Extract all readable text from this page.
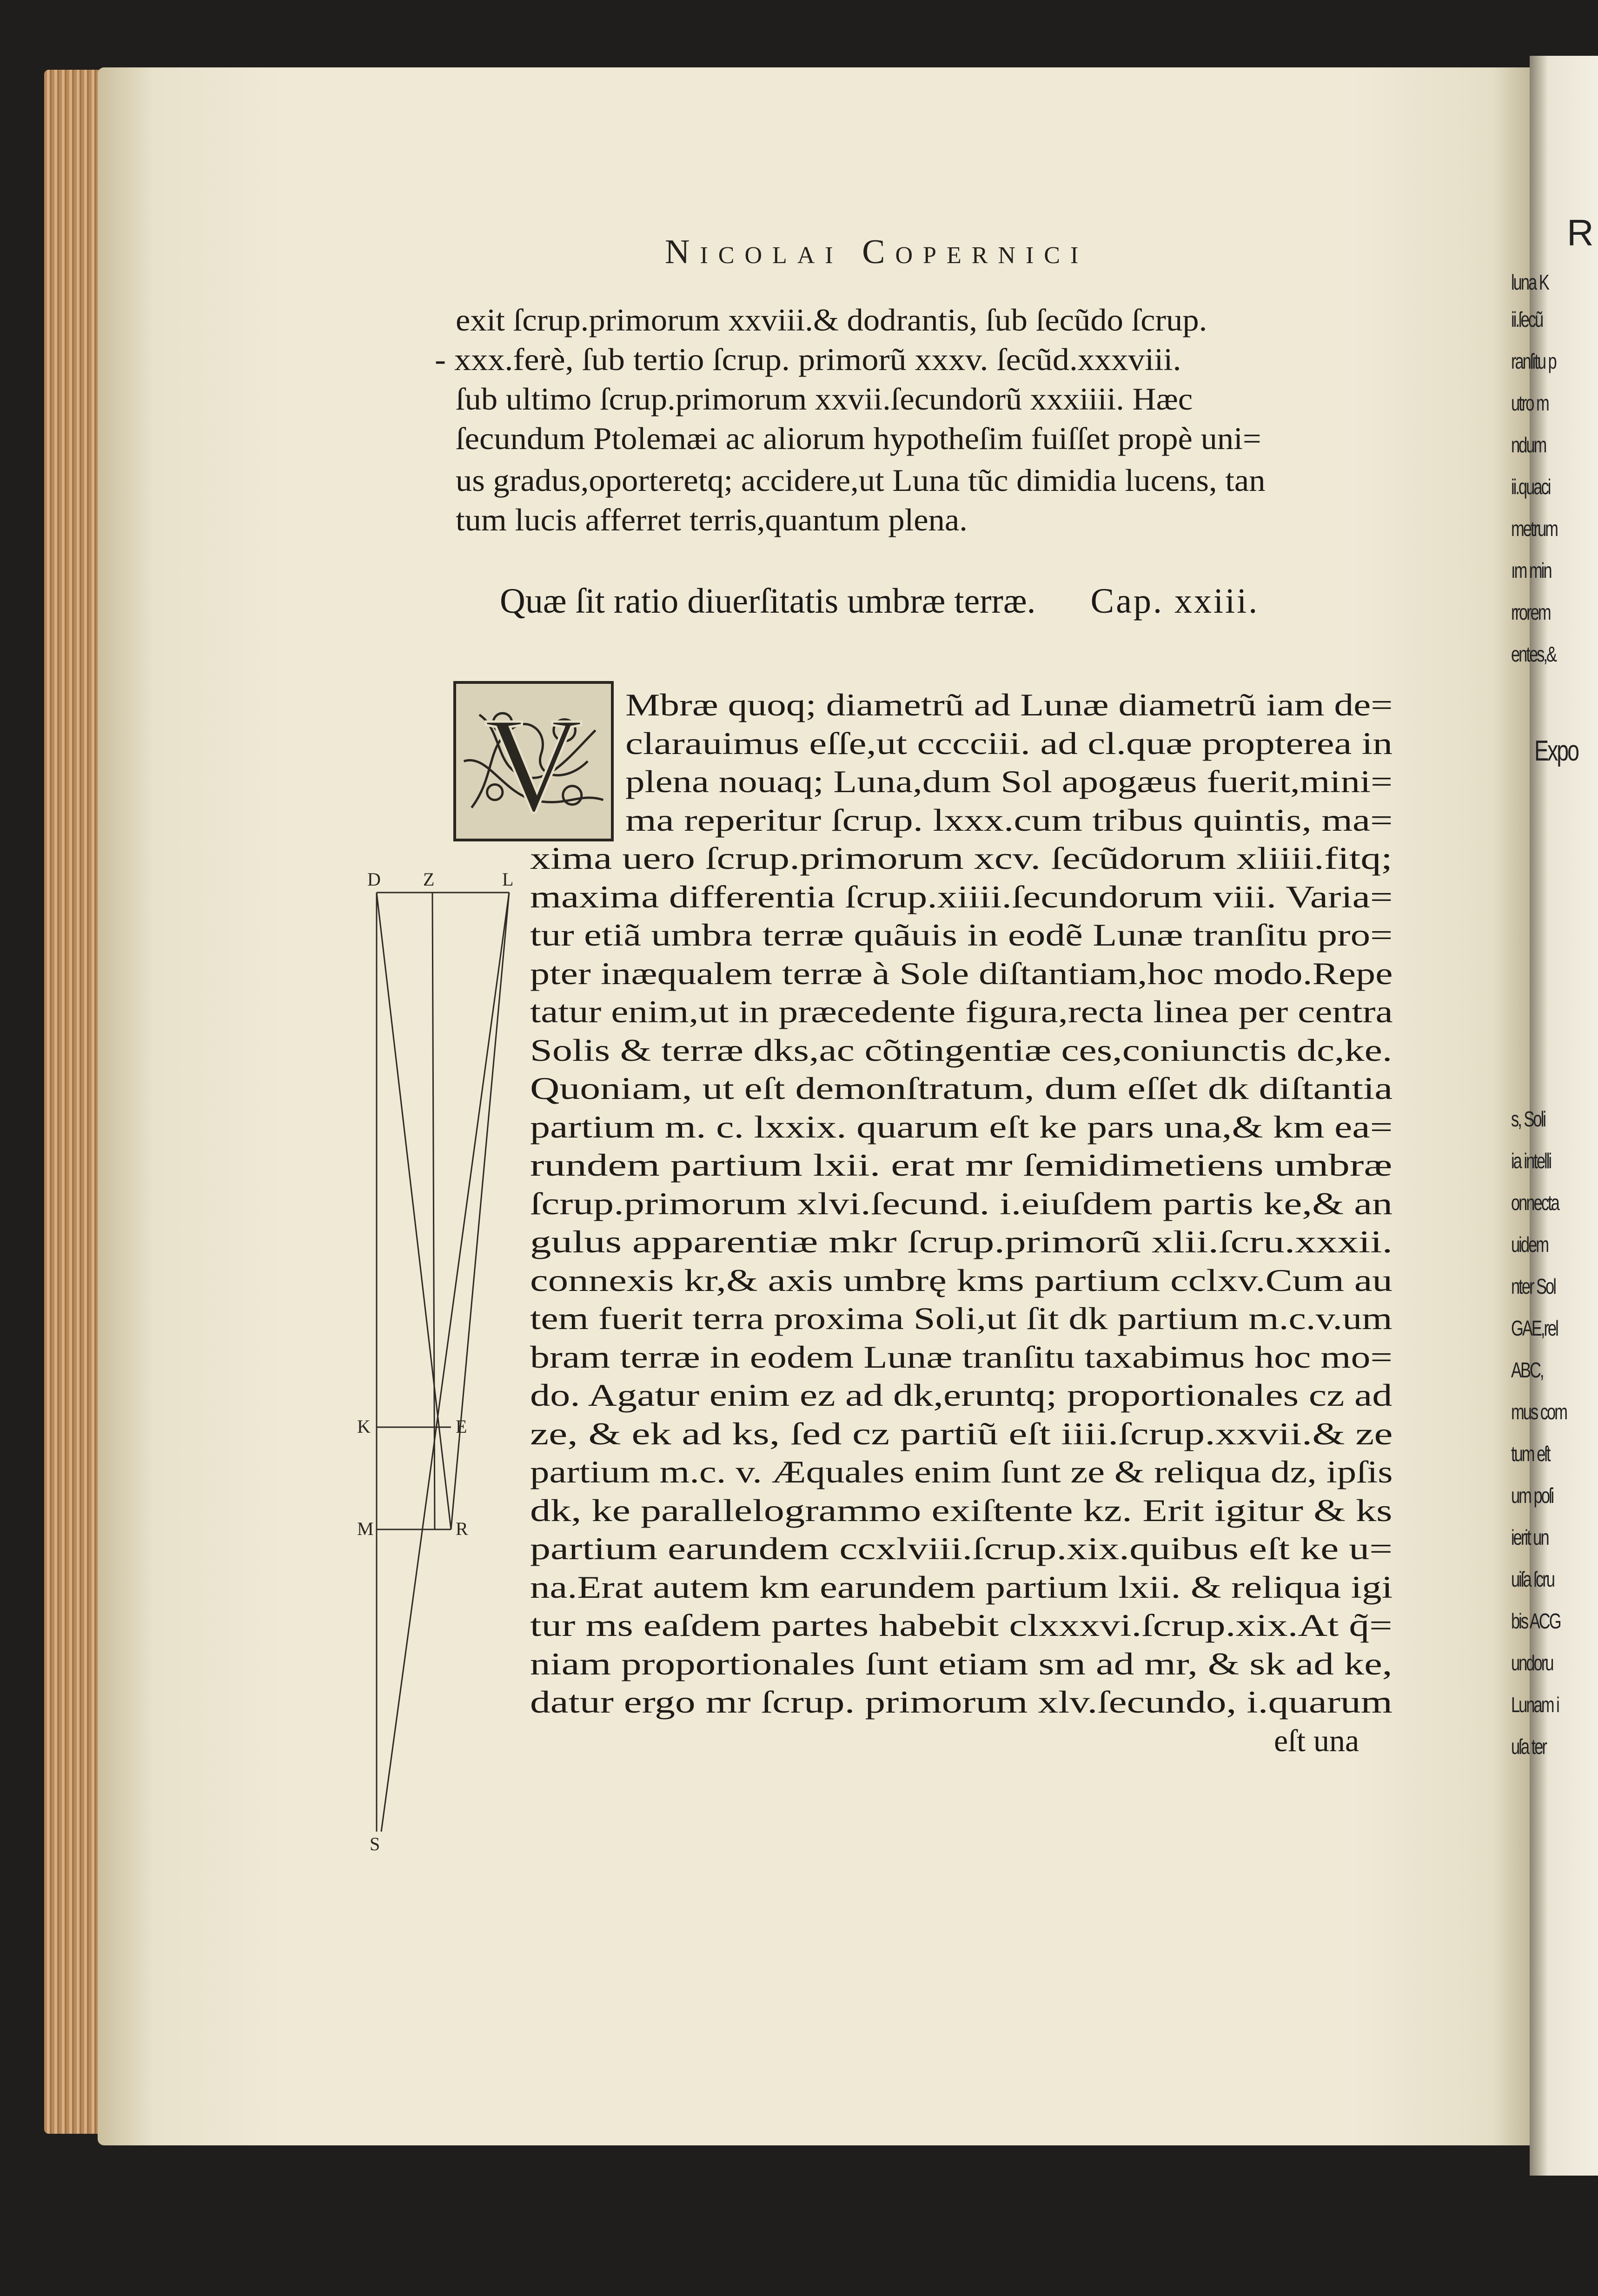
Nicolai Copernici
exit ſcrup.primorum xxviii.& dodrantis, ſub ſecũdo ſcrup.
- xxx.ferè, ſub tertio ſcrup. primorũ xxxv. ſecũd.xxxviii.
ſub ultimo ſcrup.primorum xxvii.ſecundorũ xxxiiii. Hæc
ſecundum Ptolemæi ac aliorum hypotheſim fuiſſet propè uni=
us gradus,oporteretq; accidere,ut Luna tũc dimidia lucens, tan
tum lucis afferret terris,quantum plena.
Quæ ſit ratio diuerſitatis umbræ terræ. Cap. xxiii.
V Mbræ quoq; diametrũ ad Lunæ diametrũ iam de=
clarauimus eſſe,ut cccciii. ad cl.quæ propterea in
plena nouaq; Luna,dum Sol apogæus fuerit,mini=
ma reperitur ſcrup. lxxx.cum tribus quintis, ma=
xima uero ſcrup.primorum xcv. ſecũdorum xliiii.fitq;
maxima differentia ſcrup.xiiii.ſecundorum viii. Varia=
tur etiã umbra terræ quãuis in eodẽ Lunæ tranſitu pro=
pter inæqualem terræ à Sole diſtantiam,hoc modo.Repe
tatur enim,ut in præcedente figura,recta linea per centra
Solis & terræ dks,ac cõtingentiæ ces,coniunctis dc,ke.
Quoniam, ut eſt demonſtratum, dum eſſet dk diſtantia
partium m. c. lxxix. quarum eſt ke pars una,& km ea=
rundem partium lxii. erat mr ſemidimetiens umbræ
ſcrup.primorum xlvi.ſecund. i.eiuſdem partis ke,& an
gulus apparentiæ mkr ſcrup.primorũ xlii.ſcru.xxxii.
connexis kr,& axis umbrę kms partium cclxv.Cum au
tem fuerit terra proxima Soli,ut ſit dk partium m.c.v.um
bram terræ in eodem Lunæ tranſitu taxabimus hoc mo=
do. Agatur enim ez ad dk,eruntq; proportionales cz ad
ze, & ek ad ks, ſed cz partiũ eſt iiii.ſcrup.xxvii.& ze
partium m.c. v. Æquales enim ſunt ze & reliqua dz, ipſis
dk, ke parallelogrammo exiſtente kz. Erit igitur & ks
partium earundem ccxlviii.ſcrup.xix.quibus eſt ke u=
na.Erat autem km earundem partium lxii. & reliqua igi
tur ms eaſdem partes habebit clxxxvi.ſcrup.xix.At q̃=
niam proportionales ſunt etiam sm ad mr, & sk ad ke,
datur ergo mr ſcrup. primorum xlv.ſecundo, i.quarum
eſt una
D Z	L
K	E
M	R
S
R
luna K
ii.ſecũ
ranſitu p
utro m
ndum
ii.quaci
metrum
ım min
rrorem
entes,&
Expo
s, Soli
ia intelli
onnecta
uidem
nter Sol
GAE,rel
ABC,
mus com
tum eſt
um poſi
ierit un
uiſa ſcru
bis ACG
undoru
Lunam i
uſa ter
